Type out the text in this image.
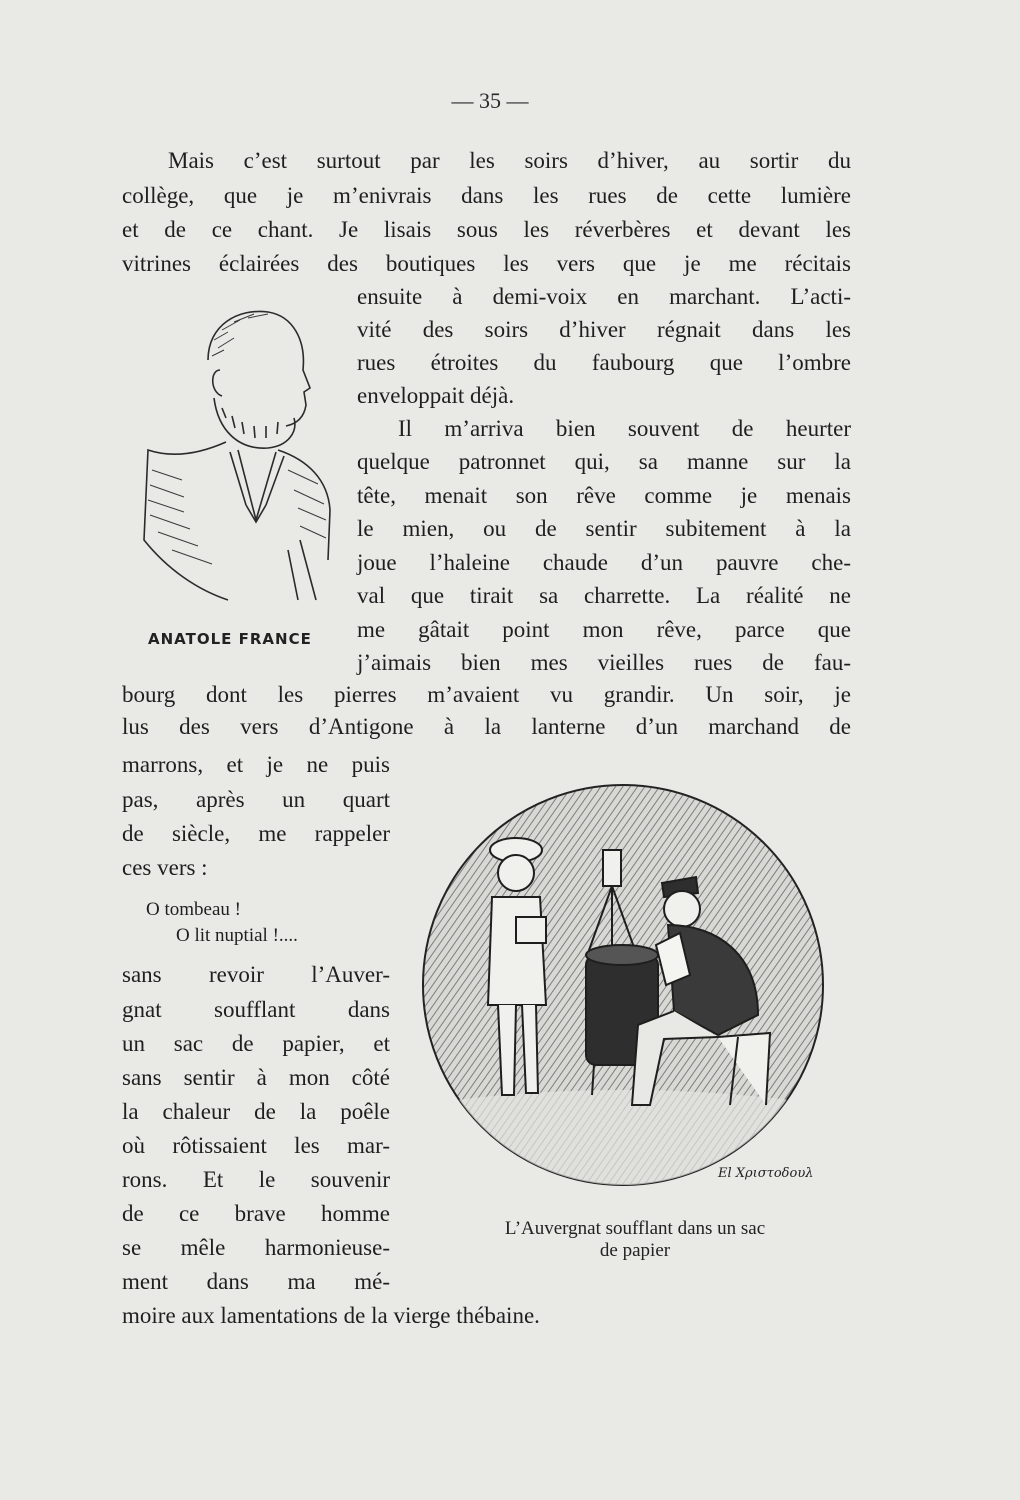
— 35 —
Mais c’est surtout par les soirs d’hiver, au sortir du
collège, que je m’enivrais dans les rues de cette lumière
et de ce chant. Je lisais sous les réverbères et devant les
vitrines éclairées des boutiques les vers que je me récitais
ensuite à demi-voix en marchant. L’acti-
vité des soirs d’hiver régnait dans les
rues étroites du faubourg que l’ombre
enveloppait déjà.
Il m’arriva bien souvent de heurter
quelque patronnet qui, sa manne sur la
tête, menait son rêve comme je menais
le mien, ou de sentir subitement à la
joue l’haleine chaude d’un pauvre che-
val que tirait sa charrette. La réalité ne
me gâtait point mon rêve, parce que
j’aimais bien mes vieilles rues de fau-
bourg dont les pierres m’avaient vu grandir. Un soir, je
lus des vers d’Antigone à la lanterne d’un marchand de
marrons, et je ne puis
pas, après un quart
de siècle, me rappeler
ces vers :
O tombeau !
O lit nuptial !....
sans revoir l’Auver-
gnat soufflant dans
un sac de papier, et
sans sentir à mon côté
la chaleur de la poêle
où rôtissaient les mar-
rons. Et le souvenir
de ce brave homme
se mêle harmonieuse-
ment dans ma mé-
moire aux lamentations de la vierge thébaine.
ANATOLE FRANCE
El Χριστοδουλ
L’Auvergnat soufflant dans un sac
de papier
